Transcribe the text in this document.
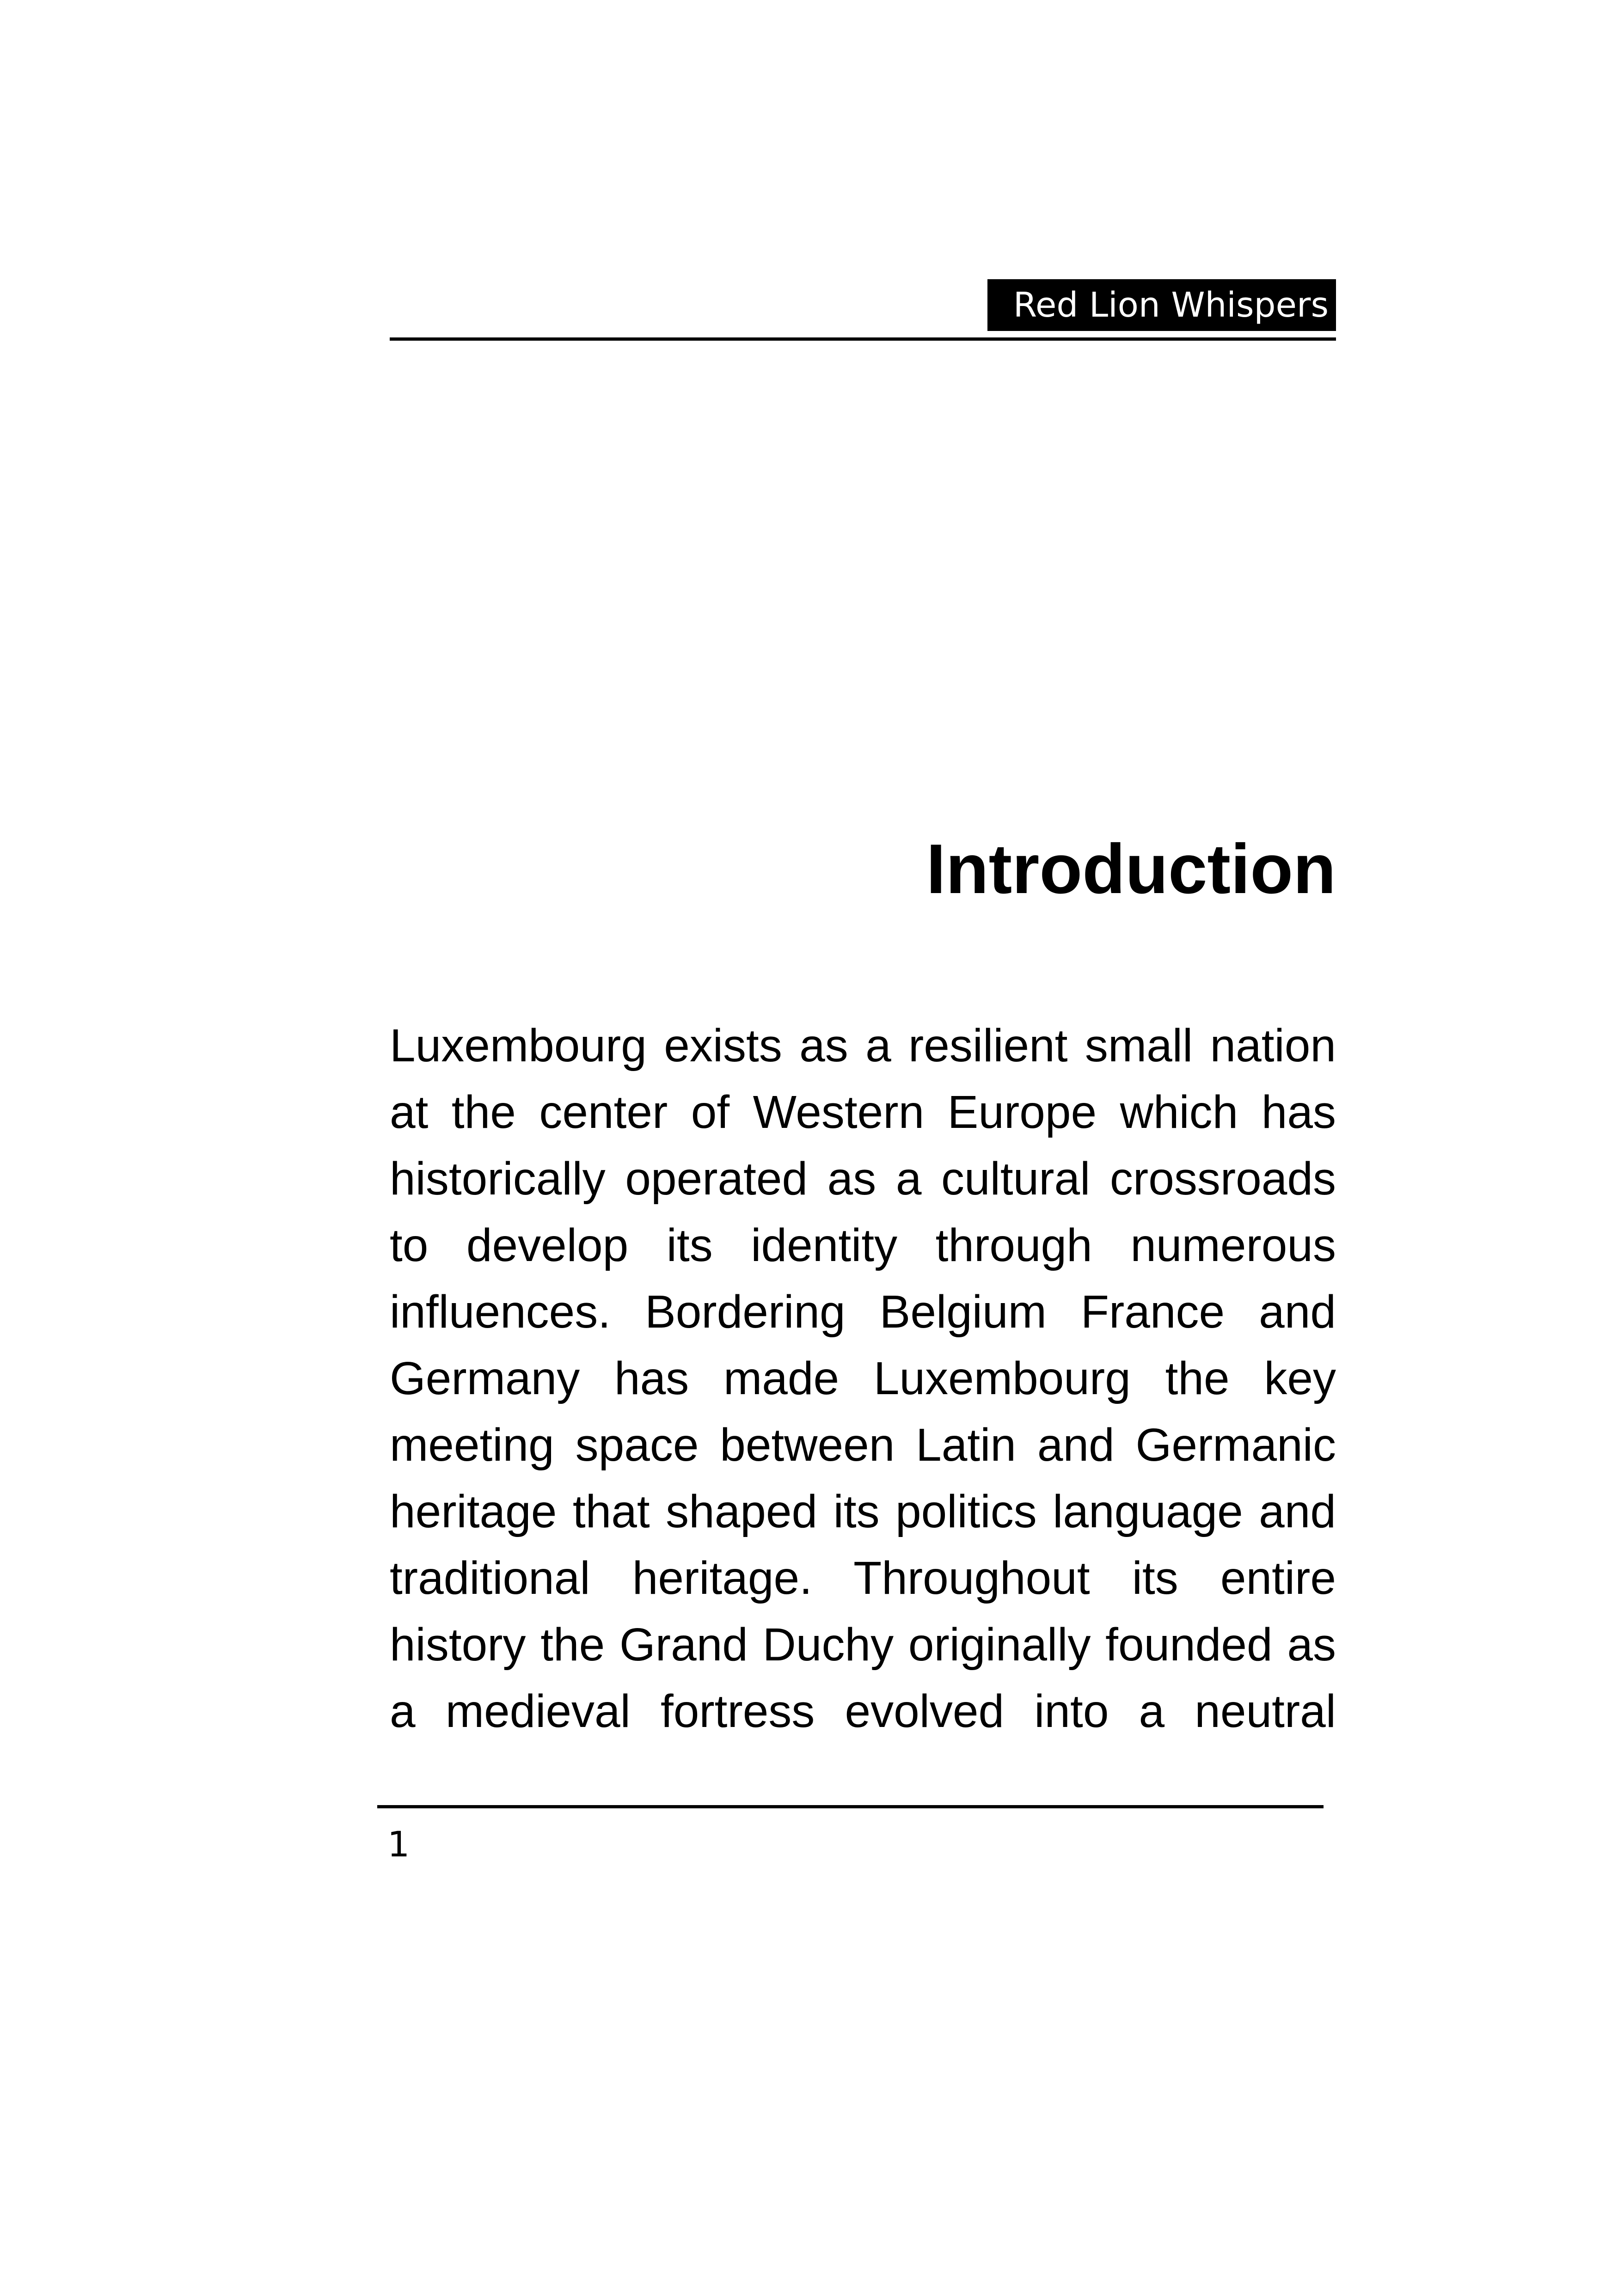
Red Lion Whispers
Introduction
Luxembourg exists as a resilient small nation
at the center of Western Europe which has
historically operated as a cultural crossroads
to develop its identity through numerous
influences. Bordering Belgium France and
Germany has made Luxembourg the key
meeting space between Latin and Germanic
heritage that shaped its politics language and
traditional heritage. Throughout its entire
history the Grand Duchy originally founded as
a medieval fortress evolved into a neutral
1
